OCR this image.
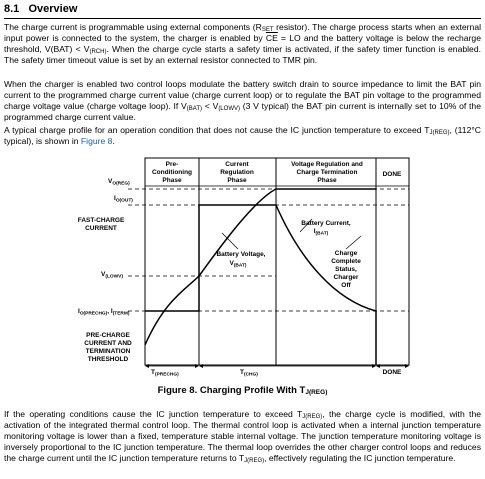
8.1 Overview

The charge current is programmable using external components ($R_{SET}$ resistor). The charge process starts when an external input power is connected to the system, the charger is enabled by $\overline{CE}$ = LO and the battery voltage is below the recharge threshold, $V(BAT) < V_{(RCH)}$. When the charge cycle starts a safety timer is activated, if the safety timer function is enabled. The safety timer timeout value is set by an external resistor connected to TMR pin.

When the charger is enabled two control loops modulate the battery switch drain to source impedance to limit the BAT pin current to the programmed charge current value (charge current loop) or to regulate the BAT pin voltage to the programmed charge voltage value (charge voltage loop). If $V_{(BAT)} < V_{(LOWV)}$ (3 V typical) the BAT pin current is internally set to 10% of the programmed charge current value.

A typical charge profile for an operation condition that does not cause the IC junction temperature to exceed $T_{J(REG)}$, (112°C typical), is shown in Figure 8.

Pre-
Conditioning
Phase
Current
Regulation
Phase
Voltage Regulation and
Charge Termination
Phase
DONE
$V_{O(REG)}$
$I_{O(OUT)}$
FAST-CHARGE
CURRENT
$V_{(LOWV)}$
$I_{O(PRECHG)}$, $I_{(TERM)}$
PRE-CHARGE
CURRENT AND
TERMINATION
THRESHOLD
Battery Voltage,
$V_{(BAT)}$
Battery Current,
$I_{(BAT)}$
Charge
Complete
Status,
Charger
Off
$T_{(PRECHG)}$	$T_{(CHG)}$	DONE
Figure 8. Charging Profile With $T_{J(REG)}$

If the operating conditions cause the IC junction temperature to exceed $T_{J(REG)}$, the charge cycle is modified, with the activation of the integrated thermal control loop. The thermal control loop is activated when a internal junction temperature monitoring voltage is lower than a fixed, temperature stable internal voltage. The junction temperature monitoring voltage is inversely proportional to the IC junction temperature. The thermal loop overrides the other charger control loops and reduces the charge current until the IC junction temperature returns to $T_{J(REG)}$, effectively regulating the IC junction temperature.
